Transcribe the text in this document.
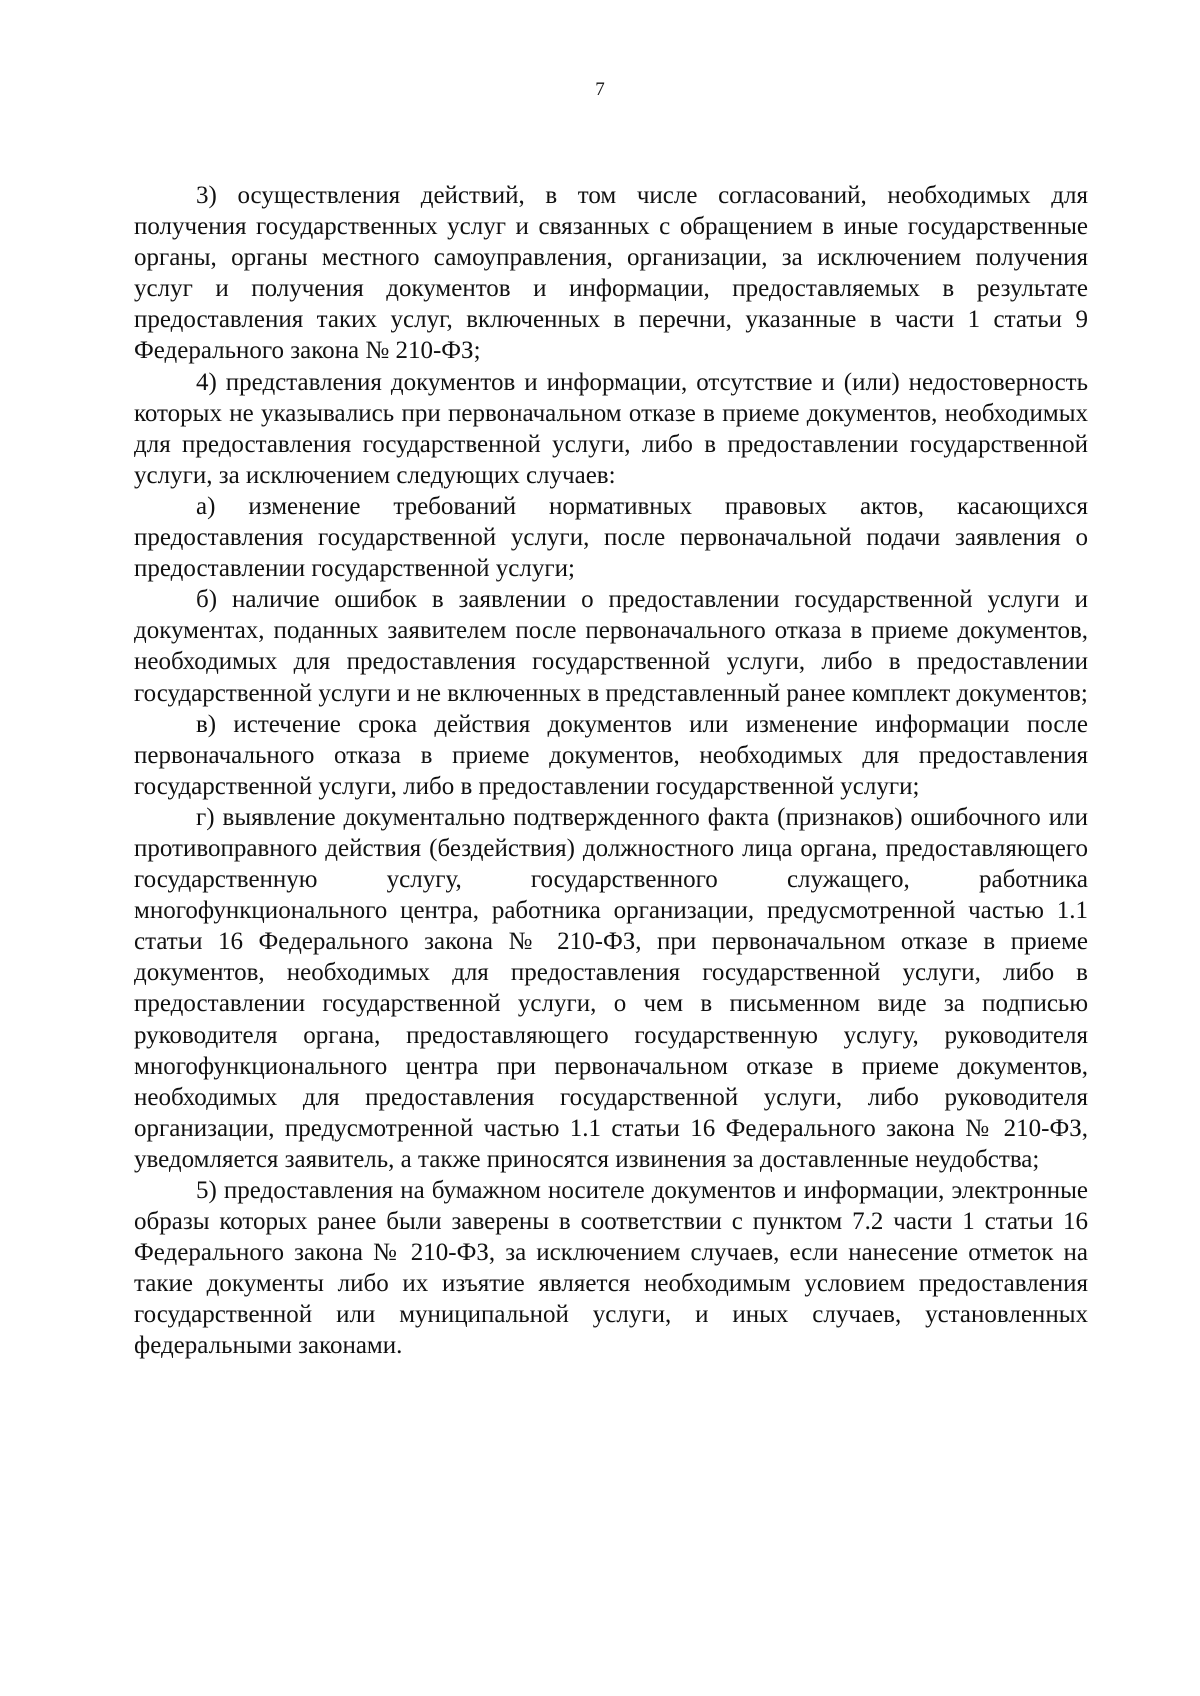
7

3) осуществления действий, в том числе согласований, необходимых для получения государственных услуг и связанных с обращением в иные государственные органы, органы местного самоуправления, организации, за исключением получения услуг и получения документов и информации, предоставляемых в результате предоставления таких услуг, включенных в перечни, указанные в части 1 статьи 9 Федерального закона № 210-ФЗ;

4) представления документов и информации, отсутствие и (или) недостоверность которых не указывались при первоначальном отказе в приеме документов, необходимых для предоставления государственной услуги, либо в предоставлении государственной услуги, за исключением следующих случаев:

а) изменение требований нормативных правовых актов, касающихся предоставления государственной услуги, после первоначальной подачи заявления о предоставлении государственной услуги;

б) наличие ошибок в заявлении о предоставлении государственной услуги и документах, поданных заявителем после первоначального отказа в приеме документов, необходимых для предоставления государственной услуги, либо в предоставлении государственной услуги и не включенных в представленный ранее комплект документов;

в) истечение срока действия документов или изменение информации после первоначального отказа в приеме документов, необходимых для предоставления государственной услуги, либо в предоставлении государственной услуги;

г) выявление документально подтвержденного факта (признаков) ошибочного или противоправного действия (бездействия) должностного лица органа, предоставляющего государственную услугу, государственного служащего, работника многофункционального центра, работника организации, предусмотренной частью 1.1 статьи 16 Федерального закона № 210-ФЗ, при первоначальном отказе в приеме документов, необходимых для предоставления государственной услуги, либо в предоставлении государственной услуги, о чем в письменном виде за подписью руководителя органа, предоставляющего государственную услугу, руководителя многофункционального центра при первоначальном отказе в приеме документов, необходимых для предоставления государственной услуги, либо руководителя организации, предусмотренной частью 1.1 статьи 16 Федерального закона № 210-ФЗ, уведомляется заявитель, а также приносятся извинения за доставленные неудобства;

5) предоставления на бумажном носителе документов и информации, электронные образы которых ранее были заверены в соответствии с пунктом 7.2 части 1 статьи 16 Федерального закона № 210-ФЗ, за исключением случаев, если нанесение отметок на такие документы либо их изъятие является необходимым условием предоставления государственной или муниципальной услуги, и иных случаев, установленных федеральными законами.
